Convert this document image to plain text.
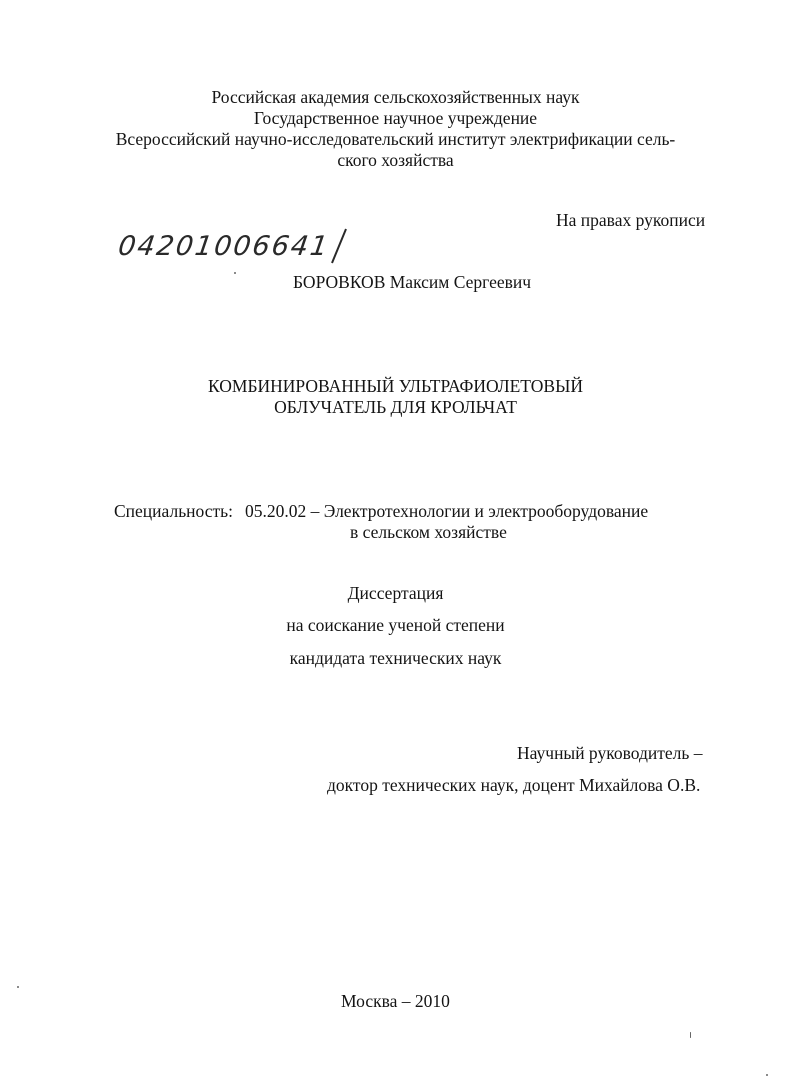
Российская академия сельскохозяйственных наук
Государственное научное учреждение
Всероссийский научно-исследовательский институт электрификации сель-
ского хозяйства
На правах рукописи
04201006641
БОРОВКОВ Максим Сергеевич
КОМБИНИРОВАННЫЙ УЛЬТРАФИОЛЕТОВЫЙ
ОБЛУЧАТЕЛЬ ДЛЯ КРОЛЬЧАТ
Специальность: 05.20.02 – Электротехнологии и электрооборудование
в сельском хозяйстве
Диссертация
на соискание ученой степени
кандидата технических наук
Научный руководитель –
доктор технических наук, доцент Михайлова О.В.
Москва – 2010
